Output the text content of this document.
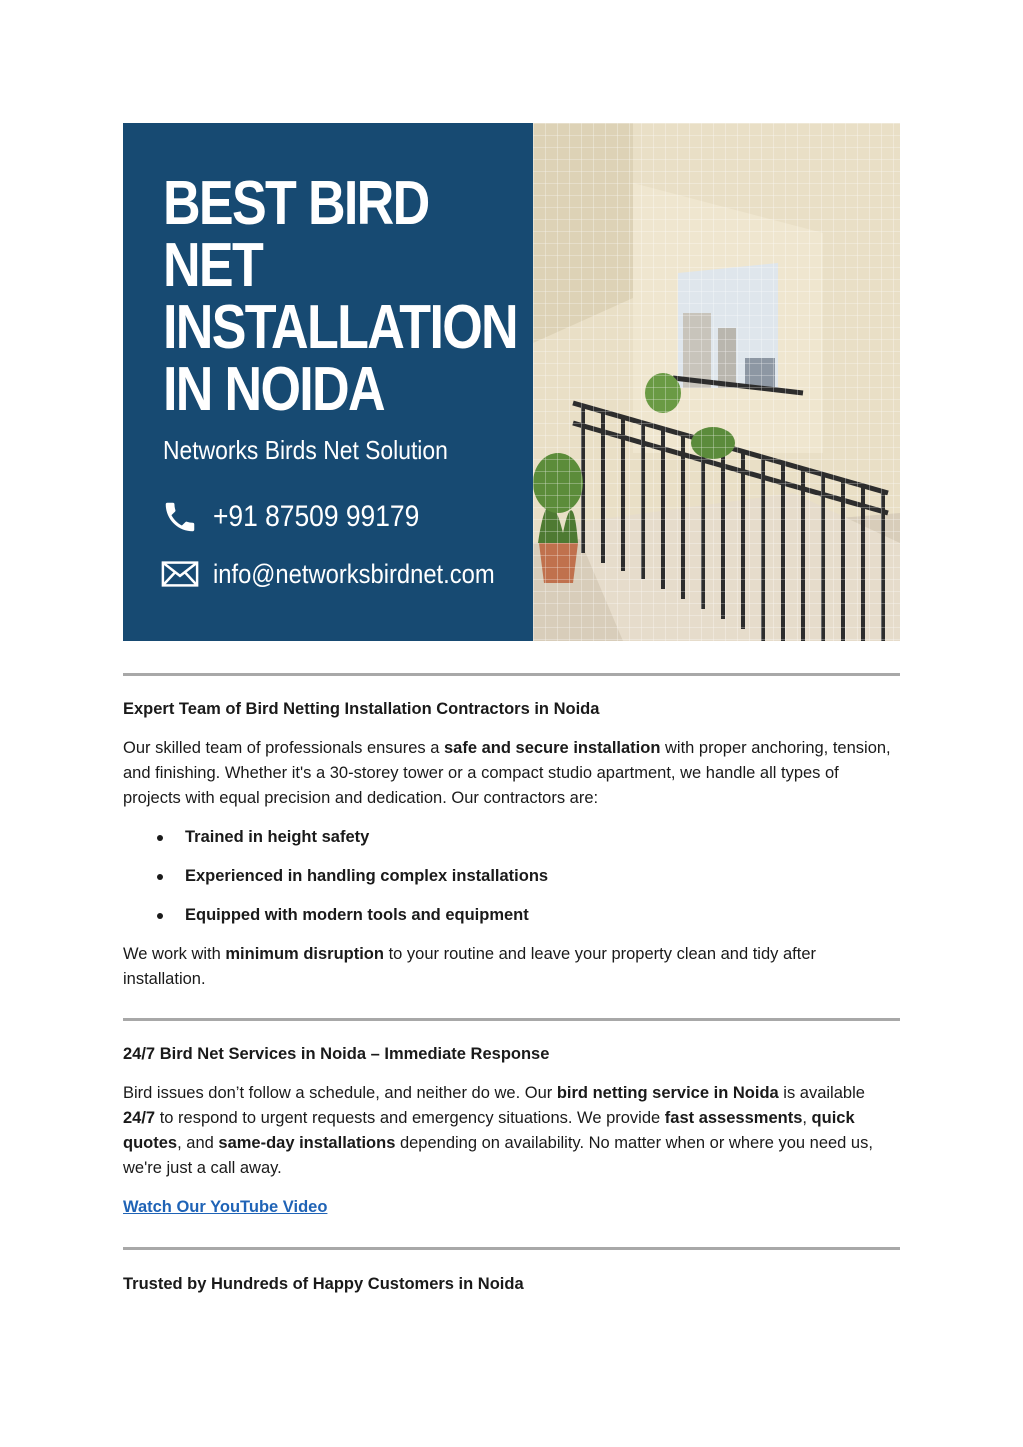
BEST BIRD
NET
INSTALLATION
IN NOIDA
Networks Birds Net Solution
+91 87509 99179
info@networksbirdnet.com
Expert Team of Bird Netting Installation Contractors in Noida

Our skilled team of professionals ensures a safe and secure installation with proper anchoring, tension, and finishing. Whether it's a 30-storey tower or a compact studio apartment, we handle all types of projects with equal precision and dedication. Our contractors are:

Trained in height safety
Experienced in handling complex installations
Equipped with modern tools and equipment

We work with minimum disruption to your routine and leave your property clean and tidy after installation.

24/7 Bird Net Services in Noida – Immediate Response

Bird issues don’t follow a schedule, and neither do we. Our bird netting service in Noida is available 24/7 to respond to urgent requests and emergency situations. We provide fast assessments, quick quotes, and same-day installations depending on availability. No matter when or where you need us, we're just a call away.

Watch Our YouTube Video

Trusted by Hundreds of Happy Customers in Noida
